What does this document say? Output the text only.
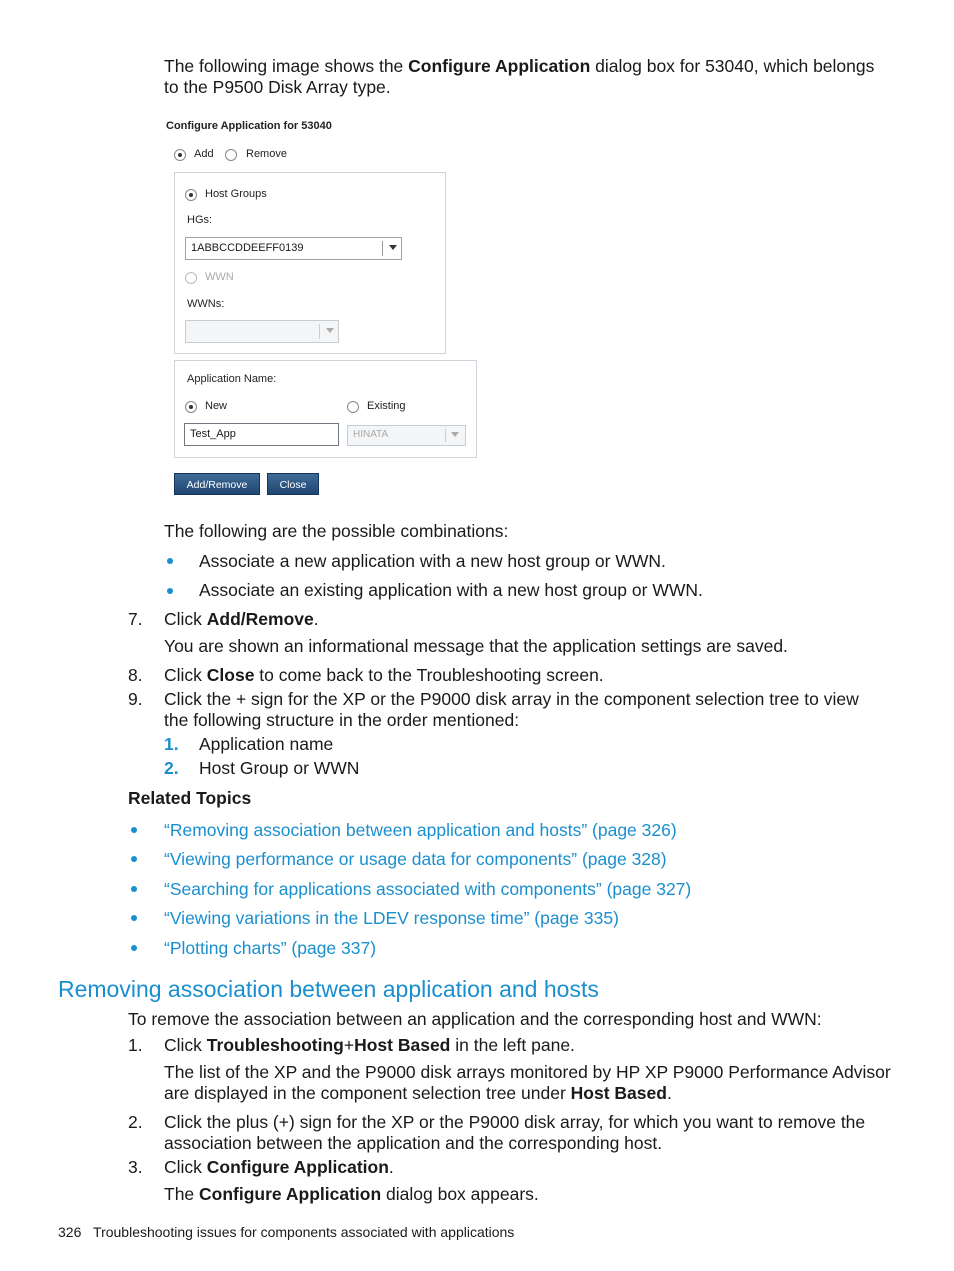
The following image shows the Configure Application dialog box for 53040, which belongs
to the P9500 Disk Array type.
Configure Application for 53040
Add	Remove
Host Groups
HGs:
1ABBCCDDEEFF0139
WWN
WWNs:
Application Name:
New	Existing
Test_App	HINATA
Add/Remove	Close
The following are the possible combinations:
Associate a new application with a new host group or WWN.
Associate an existing application with a new host group or WWN.
7. Click Add/Remove.
You are shown an informational message that the application settings are saved.
8. Click Close to come back to the Troubleshooting screen.
9. Click the + sign for the XP or the P9000 disk array in the component selection tree to view
the following structure in the order mentioned:
1. Application name
2. Host Group or WWN
Related Topics
“Removing association between application and hosts” (page 326)
“Viewing performance or usage data for components” (page 328)
“Searching for applications associated with components” (page 327)
“Viewing variations in the LDEV response time” (page 335)
“Plotting charts” (page 337)
Removing association between application and hosts
To remove the association between an application and the corresponding host and WWN:
1. Click Troubleshooting+Host Based in the left pane.
The list of the XP and the P9000 disk arrays monitored by HP XP P9000 Performance Advisor
are displayed in the component selection tree under Host Based.
2. Click the plus (+) sign for the XP or the P9000 disk array, for which you want to remove the
association between the application and the corresponding host.
3. Click Configure Application.
The Configure Application dialog box appears.
326 Troubleshooting issues for components associated with applications
